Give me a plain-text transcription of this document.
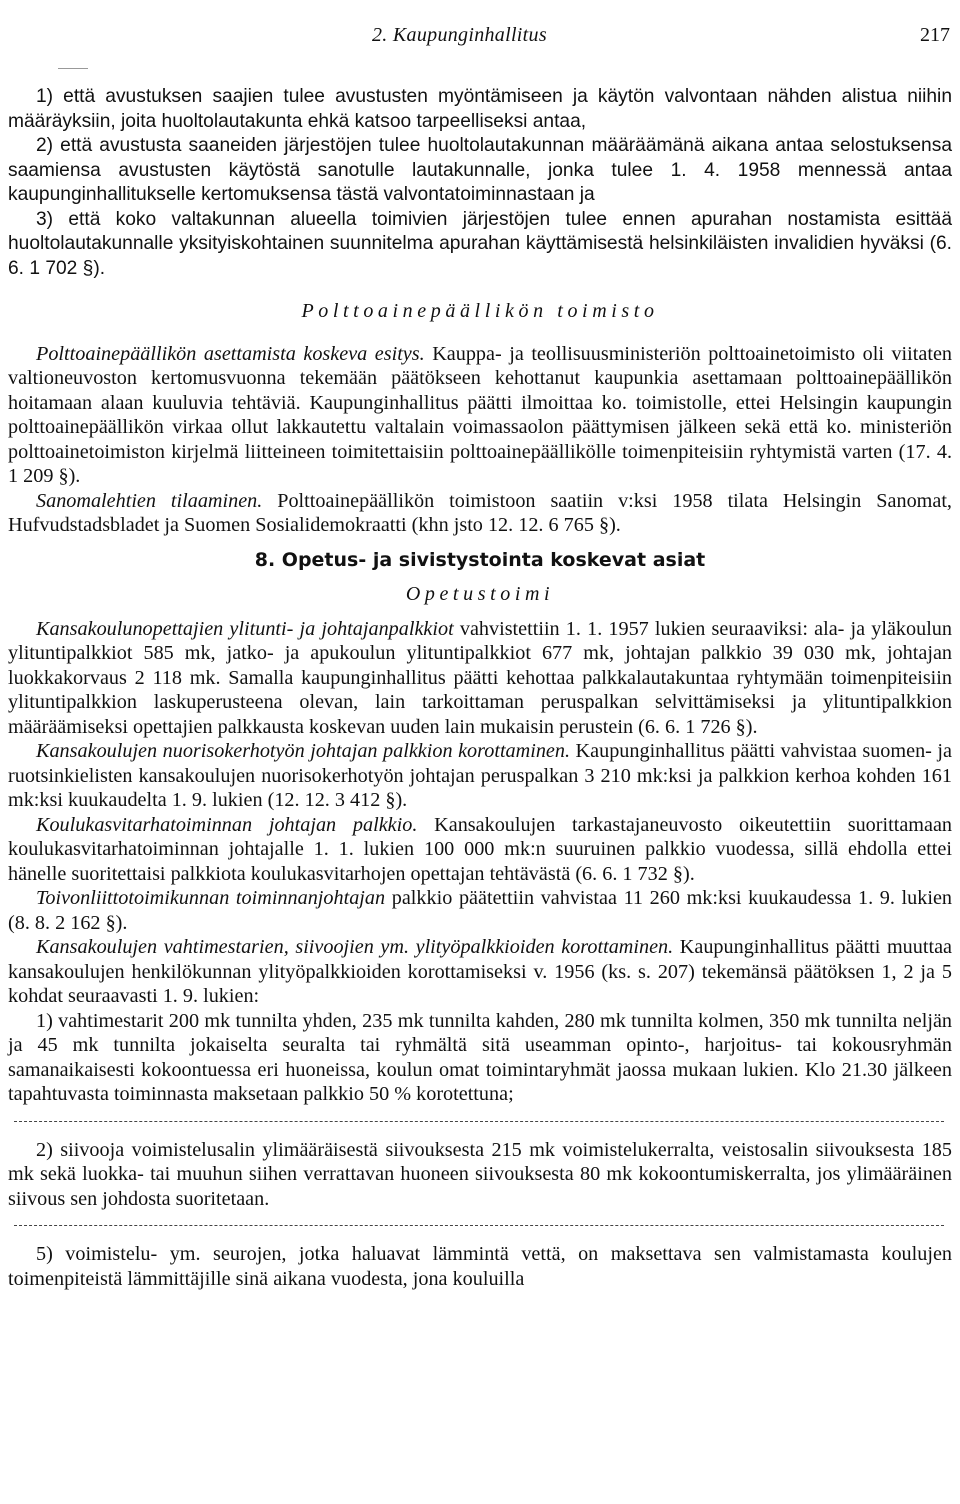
2. Kaupunginhallitus	217

1) että avustuksen saajien tulee avustusten myöntämiseen ja käytön valvontaan nähden alistua niihin määräyksiin, joita huoltolautakunta ehkä katsoo tarpeelliseksi antaa,

2) että avustusta saaneiden järjestöjen tulee huoltolautakunnan määräämänä aikana antaa selostuksensa saamiensa avustusten käytöstä sanotulle lautakunnalle, jonka tulee 1. 4. 1958 mennessä antaa kaupunginhallitukselle kertomuksensa tästä valvontatoiminnastaan ja

3) että koko valtakunnan alueella toimivien järjestöjen tulee ennen apurahan nostamista esittää huoltolautakunnalle yksityiskohtainen suunnitelma apurahan käyttämisestä helsinkiläisten invalidien hyväksi (6. 6. 1 702 §).

Polttoainepäällikön toimisto

Polttoainepäällikön asettamista koskeva esitys. Kauppa- ja teollisuusministeriön polttoainetoimisto oli viitaten valtioneuvoston kertomusvuonna tekemään päätökseen kehottanut kaupunkia asettamaan polttoainepäällikön hoitamaan alaan kuuluvia tehtäviä. Kaupunginhallitus päätti ilmoittaa ko. toimistolle, ettei Helsingin kaupungin polttoainepäällikön virkaa ollut lakkautettu valtalain voimassaolon päättymisen jälkeen sekä että ko. ministeriön polttoainetoimiston kirjelmä liitteineen toimitettaisiin polttoainepäällikölle toimenpiteisiin ryhtymistä varten (17. 4. 1 209 §).

Sanomalehtien tilaaminen. Polttoainepäällikön toimistoon saatiin v:ksi 1958 tilata Helsingin Sanomat, Hufvudstadsbladet ja Suomen Sosialidemokraatti (khn jsto 12. 12. 6 765 §).

8. Opetus- ja sivistystointa koskevat asiat

Opetustoimi

Kansakoulunopettajien ylitunti- ja johtajanpalkkiot vahvistettiin 1. 1. 1957 lukien seuraaviksi: ala- ja yläkoulun ylituntipalkkiot 585 mk, jatko- ja apukoulun ylituntipalkkiot 677 mk, johtajan palkkio 39 030 mk, johtajan luokkakorvaus 2 118 mk. Samalla kaupunginhallitus päätti kehottaa palkkalautakuntaa ryhtymään toimenpiteisiin ylituntipalkkion laskuperusteena olevan, lain tarkoittaman peruspalkan selvittämiseksi ja ylituntipalkkion määräämiseksi opettajien palkkausta koskevan uuden lain mukaisin perustein (6. 6. 1 726 §).

Kansakoulujen nuorisokerhotyön johtajan palkkion korottaminen. Kaupunginhallitus päätti vahvistaa suomen- ja ruotsinkielisten kansakoulujen nuorisokerhotyön johtajan peruspalkan 3 210 mk:ksi ja palkkion kerhoa kohden 161 mk:ksi kuukaudelta 1. 9. lukien (12. 12. 3 412 §).

Koulukasvitarhatoiminnan johtajan palkkio. Kansakoulujen tarkastajaneuvosto oikeutettiin suorittamaan koulukasvitarhatoiminnan johtajalle 1. 1. lukien 100 000 mk:n suuruinen palkkio vuodessa, sillä ehdolla ettei hänelle suoritettaisi palkkiota koulukasvitarhojen opettajan tehtävästä (6. 6. 1 732 §).

Toivonliittotoimikunnan toiminnanjohtajan palkkio päätettiin vahvistaa 11 260 mk:ksi kuukaudessa 1. 9. lukien (8. 8. 2 162 §).

Kansakoulujen vahtimestarien, siivoojien ym. ylityöpalkkioiden korottaminen. Kaupunginhallitus päätti muuttaa kansakoulujen henkilökunnan ylityöpalkkioiden korottamiseksi v. 1956 (ks. s. 207) tekemänsä päätöksen 1, 2 ja 5 kohdat seuraavasti 1. 9. lukien:

1) vahtimestarit 200 mk tunnilta yhden, 235 mk tunnilta kahden, 280 mk tunnilta kolmen, 350 mk tunnilta neljän ja 45 mk tunnilta jokaiselta seuralta tai ryhmältä sitä useamman opinto-, harjoitus- tai kokousryhmän samanaikaisesti kokoontuessa eri huoneissa, koulun omat toimintaryhmät jaossa mukaan lukien. Klo 21.30 jälkeen tapahtuvasta toiminnasta maksetaan palkkio 50 % korotettuna;

2) siivooja voimistelusalin ylimääräisestä siivouksesta 215 mk voimistelukerralta, veistosalin siivouksesta 185 mk sekä luokka- tai muuhun siihen verrattavan huoneen siivouksesta 80 mk kokoontumiskerralta, jos ylimääräinen siivous sen johdosta suoritetaan.

5) voimistelu- ym. seurojen, jotka haluavat lämmintä vettä, on maksettava sen valmistamasta koulujen toimenpiteistä lämmittäjille sinä aikana vuodesta, jona kouluilla
